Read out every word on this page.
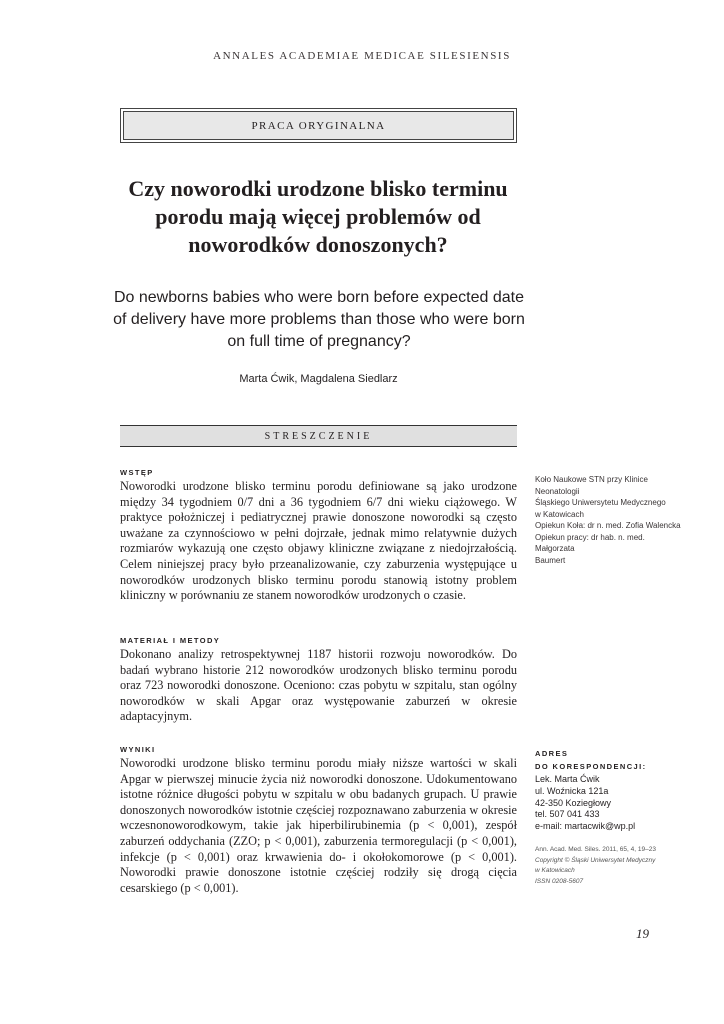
ANNALES ACADEMIAE MEDICAE SILESIENSIS
PRACA ORYGINALNA
Czy noworodki urodzone blisko terminu porodu mają więcej problemów od noworodków donoszonych?
Do newborns babies who were born before expected date of delivery have more problems than those who were born on full time of pregnancy?
Marta Ćwik, Magdalena Siedlarz
STRESZCZENIE

WSTĘP

Noworodki urodzone blisko terminu porodu definiowane są jako urodzone między 34 tygodniem 0/7 dni a 36 tygodniem 6/7 dni wieku ciążowego. W praktyce położniczej i pediatrycznej prawie donoszone noworodki są często uważane za czynnościowo w pełni dojrzałe, jednak mimo relatywnie dużych rozmiarów wykazują one często objawy kliniczne związane z niedojrzałością. Celem niniejszej pracy było przeanalizowanie, czy zaburzenia występujące u noworodków urodzonych blisko terminu porodu stanowią istotny problem kliniczny w porównaniu ze stanem noworodków urodzonych o czasie.

MATERIAŁ I METODY

Dokonano analizy retrospektywnej 1187 historii rozwoju noworodków. Do badań wybrano historie 212 noworodków urodzonych blisko terminu porodu oraz 723 noworodki donoszone. Oceniono: czas pobytu w szpitalu, stan ogólny noworodków w skali Apgar oraz występowanie zaburzeń w okresie adaptacyjnym.

WYNIKI

Noworodki urodzone blisko terminu porodu miały niższe wartości w skali Apgar w pierwszej minucie życia niż noworodki donoszone. Udokumentowano istotne różnice długości pobytu w szpitalu w obu badanych grupach. U prawie donoszonych noworodków istotnie częściej rozpoznawano zaburzenia w okresie wczesnonoworodkowym, takie jak hiperbilirubinemia (p < 0,001), zespół zaburzeń oddychania (ZZO; p < 0,001), zaburzenia termoregulacji (p < 0,001), infekcje (p < 0,001) oraz krwawienia do- i okołokomorowe (p < 0,001). Noworodki prawie donoszone istotnie częściej rodziły się drogą cięcia cesarskiego (p < 0,001).

Koło Naukowe STN przy Klinice Neonatologii

Śląskiego Uniwersytetu Medycznego

w Katowicach

Opiekun Koła: dr n. med. Zofia Walencka

Opiekun pracy: dr hab. n. med. Małgorzata

Baumert

ADRES

DO KORESPONDENCJI:

Lek. Marta Ćwik

ul. Woźnicka 121a

42-350 Koziegłowy

tel. 507 041 433

e-mail: martacwik@wp.pl

Ann. Acad. Med. Siles. 2011, 65, 4, 19–23

Copyright © Śląski Uniwersytet Medyczny

w Katowicach

ISSN 0208-5607

19
